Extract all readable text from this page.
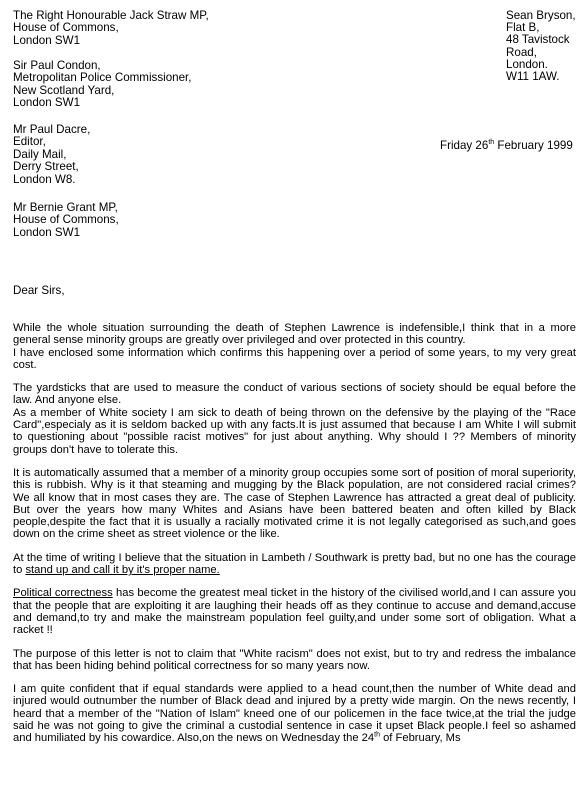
The Right Honourable Jack Straw MP,
House of Commons,
London SW1
Sir Paul Condon,
Metropolitan Police Commissioner,
New Scotland Yard,
London SW1
Mr Paul Dacre,
Editor,
Daily Mail,
Derry Street,
London W8.
Mr Bernie Grant MP,
House of Commons,
London SW1
Sean Bryson,
Flat B,
48 Tavistock
Road,
London.
W11 1AW.
Friday 26th February 1999
Dear Sirs,

While the whole situation surrounding the death of Stephen Lawrence is indefensible,I think that in a more general sense minority groups are greatly over privileged and over protected in this country.

I have enclosed some information which confirms this happening over a period of some years, to my very great cost.

The yardsticks that are used to measure the conduct of various sections of society should be equal before the law. And anyone else.

As a member of White society I am sick to death of being thrown on the defensive by the playing of the "Race Card",especialy as it is seldom backed up with any facts.It is just assumed that because I am White I will submit to questioning about "possible racist motives" for just about anything. Why should I ?? Members of minority groups don't have to tolerate this.

It is automatically assumed that a member of a minority group occupies some sort of position of moral superiority, this is rubbish. Why is it that steaming and mugging by the Black population, are not considered racial crimes? We all know that in most cases they are. The case of Stephen Lawrence has attracted a great deal of publicity. But over the years how many Whites and Asians have been battered beaten and often killed by Black people,despite the fact that it is usually a racially motivated crime it is not legally categorised as such,and goes down on the crime sheet as street violence or the like.

At the time of writing I believe that the situation in Lambeth / Southwark is pretty bad, but no one has the courage to stand up and call it by it's proper name.

Political correctness has become the greatest meal ticket in the history of the civilised world,and I can assure you that the people that are exploiting it are laughing their heads off as they continue to accuse and demand,accuse and demand,to try and make the mainstream population feel guilty,and under some sort of obligation. What a racket !!

The purpose of this letter is not to claim that "White racism" does not exist, but to try and redress the imbalance that has been hiding behind political correctness for so many years now.

I am quite confident that if equal standards were applied to a head count,then the number of White dead and injured would outnumber the number of Black dead and injured by a pretty wide margin. On the news recently, I heard that a member of the "Nation of Islam" kneed one of our policemen in the face twice,at the trial the judge said he was not going to give the criminal a custodial sentence in case it upset Black people.I feel so ashamed and humiliated by his cowardice. Also,on the news on Wednesday the 24th of February, Ms
